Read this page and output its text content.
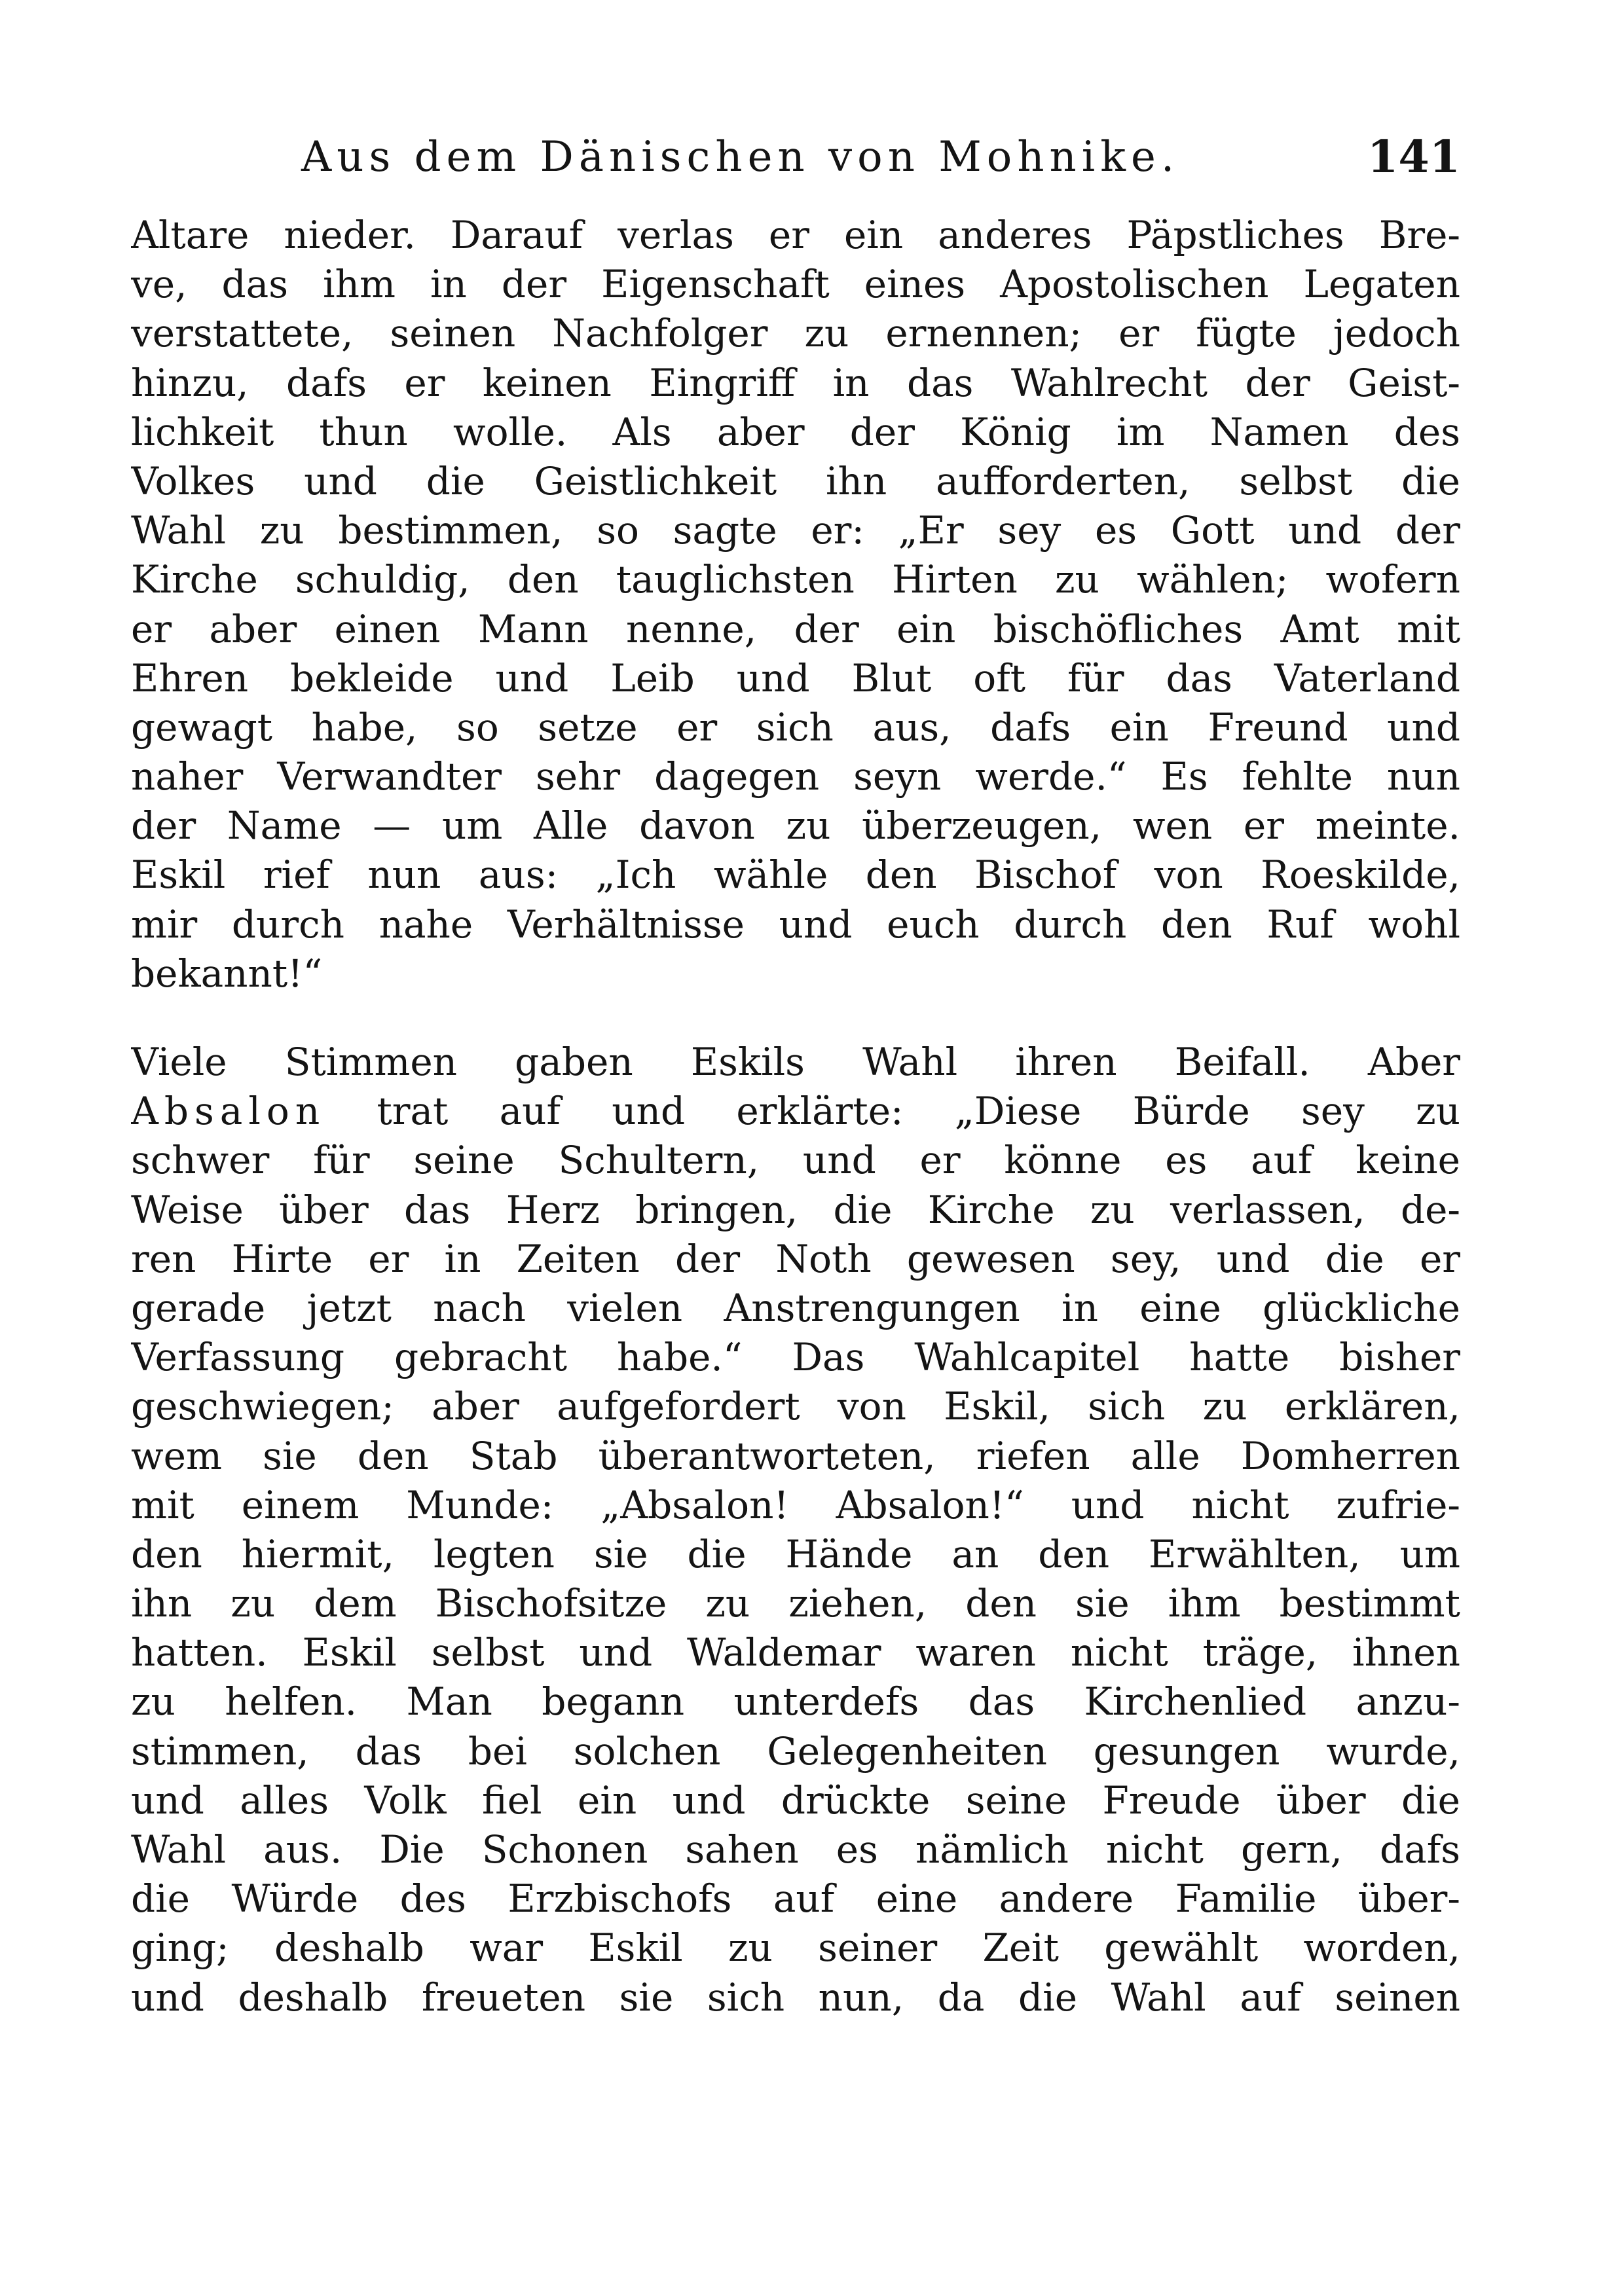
Aus dem Dänischen von Mohnike.	141
Altare nieder. Darauf verlas er ein anderes Päpstliches Bre-
ve, das ihm in der Eigenschaft eines Apostolischen Legaten
verstattete, seinen Nachfolger zu ernennen; er fügte jedoch
hinzu, dafs er keinen Eingriff in das Wahlrecht der Geist-
lichkeit thun wolle. Als aber der König im Namen des
Volkes und die Geistlichkeit ihn aufforderten, selbst die
Wahl zu bestimmen, so sagte er: „Er sey es Gott und der
Kirche schuldig, den tauglichsten Hirten zu wählen; wofern
er aber einen Mann nenne, der ein bischöfliches Amt mit
Ehren bekleide und Leib und Blut oft für das Vaterland
gewagt habe, so setze er sich aus, dafs ein Freund und
naher Verwandter sehr dagegen seyn werde.“ Es fehlte nun
der Name — um Alle davon zu überzeugen, wen er meinte.
Eskil rief nun aus: „Ich wähle den Bischof von Roeskilde,
mir durch nahe Verhältnisse und euch durch den Ruf wohl
bekannt!“
Viele Stimmen gaben Eskils Wahl ihren Beifall. Aber
Absalon trat auf und erklärte: „Diese Bürde sey zu
schwer für seine Schultern, und er könne es auf keine
Weise über das Herz bringen, die Kirche zu verlassen, de-
ren Hirte er in Zeiten der Noth gewesen sey, und die er
gerade jetzt nach vielen Anstrengungen in eine glückliche
Verfassung gebracht habe.“ Das Wahlcapitel hatte bisher
geschwiegen; aber aufgefordert von Eskil, sich zu erklären,
wem sie den Stab überantworteten, riefen alle Domherren
mit einem Munde: „Absalon! Absalon!“ und nicht zufrie-
den hiermit, legten sie die Hände an den Erwählten, um
ihn zu dem Bischofsitze zu ziehen, den sie ihm bestimmt
hatten. Eskil selbst und Waldemar waren nicht träge, ihnen
zu helfen. Man begann unterdefs das Kirchenlied anzu-
stimmen, das bei solchen Gelegenheiten gesungen wurde,
und alles Volk fiel ein und drückte seine Freude über die
Wahl aus. Die Schonen sahen es nämlich nicht gern, dafs
die Würde des Erzbischofs auf eine andere Familie über-
ging; deshalb war Eskil zu seiner Zeit gewählt worden,
und deshalb freueten sie sich nun, da die Wahl auf seinen
